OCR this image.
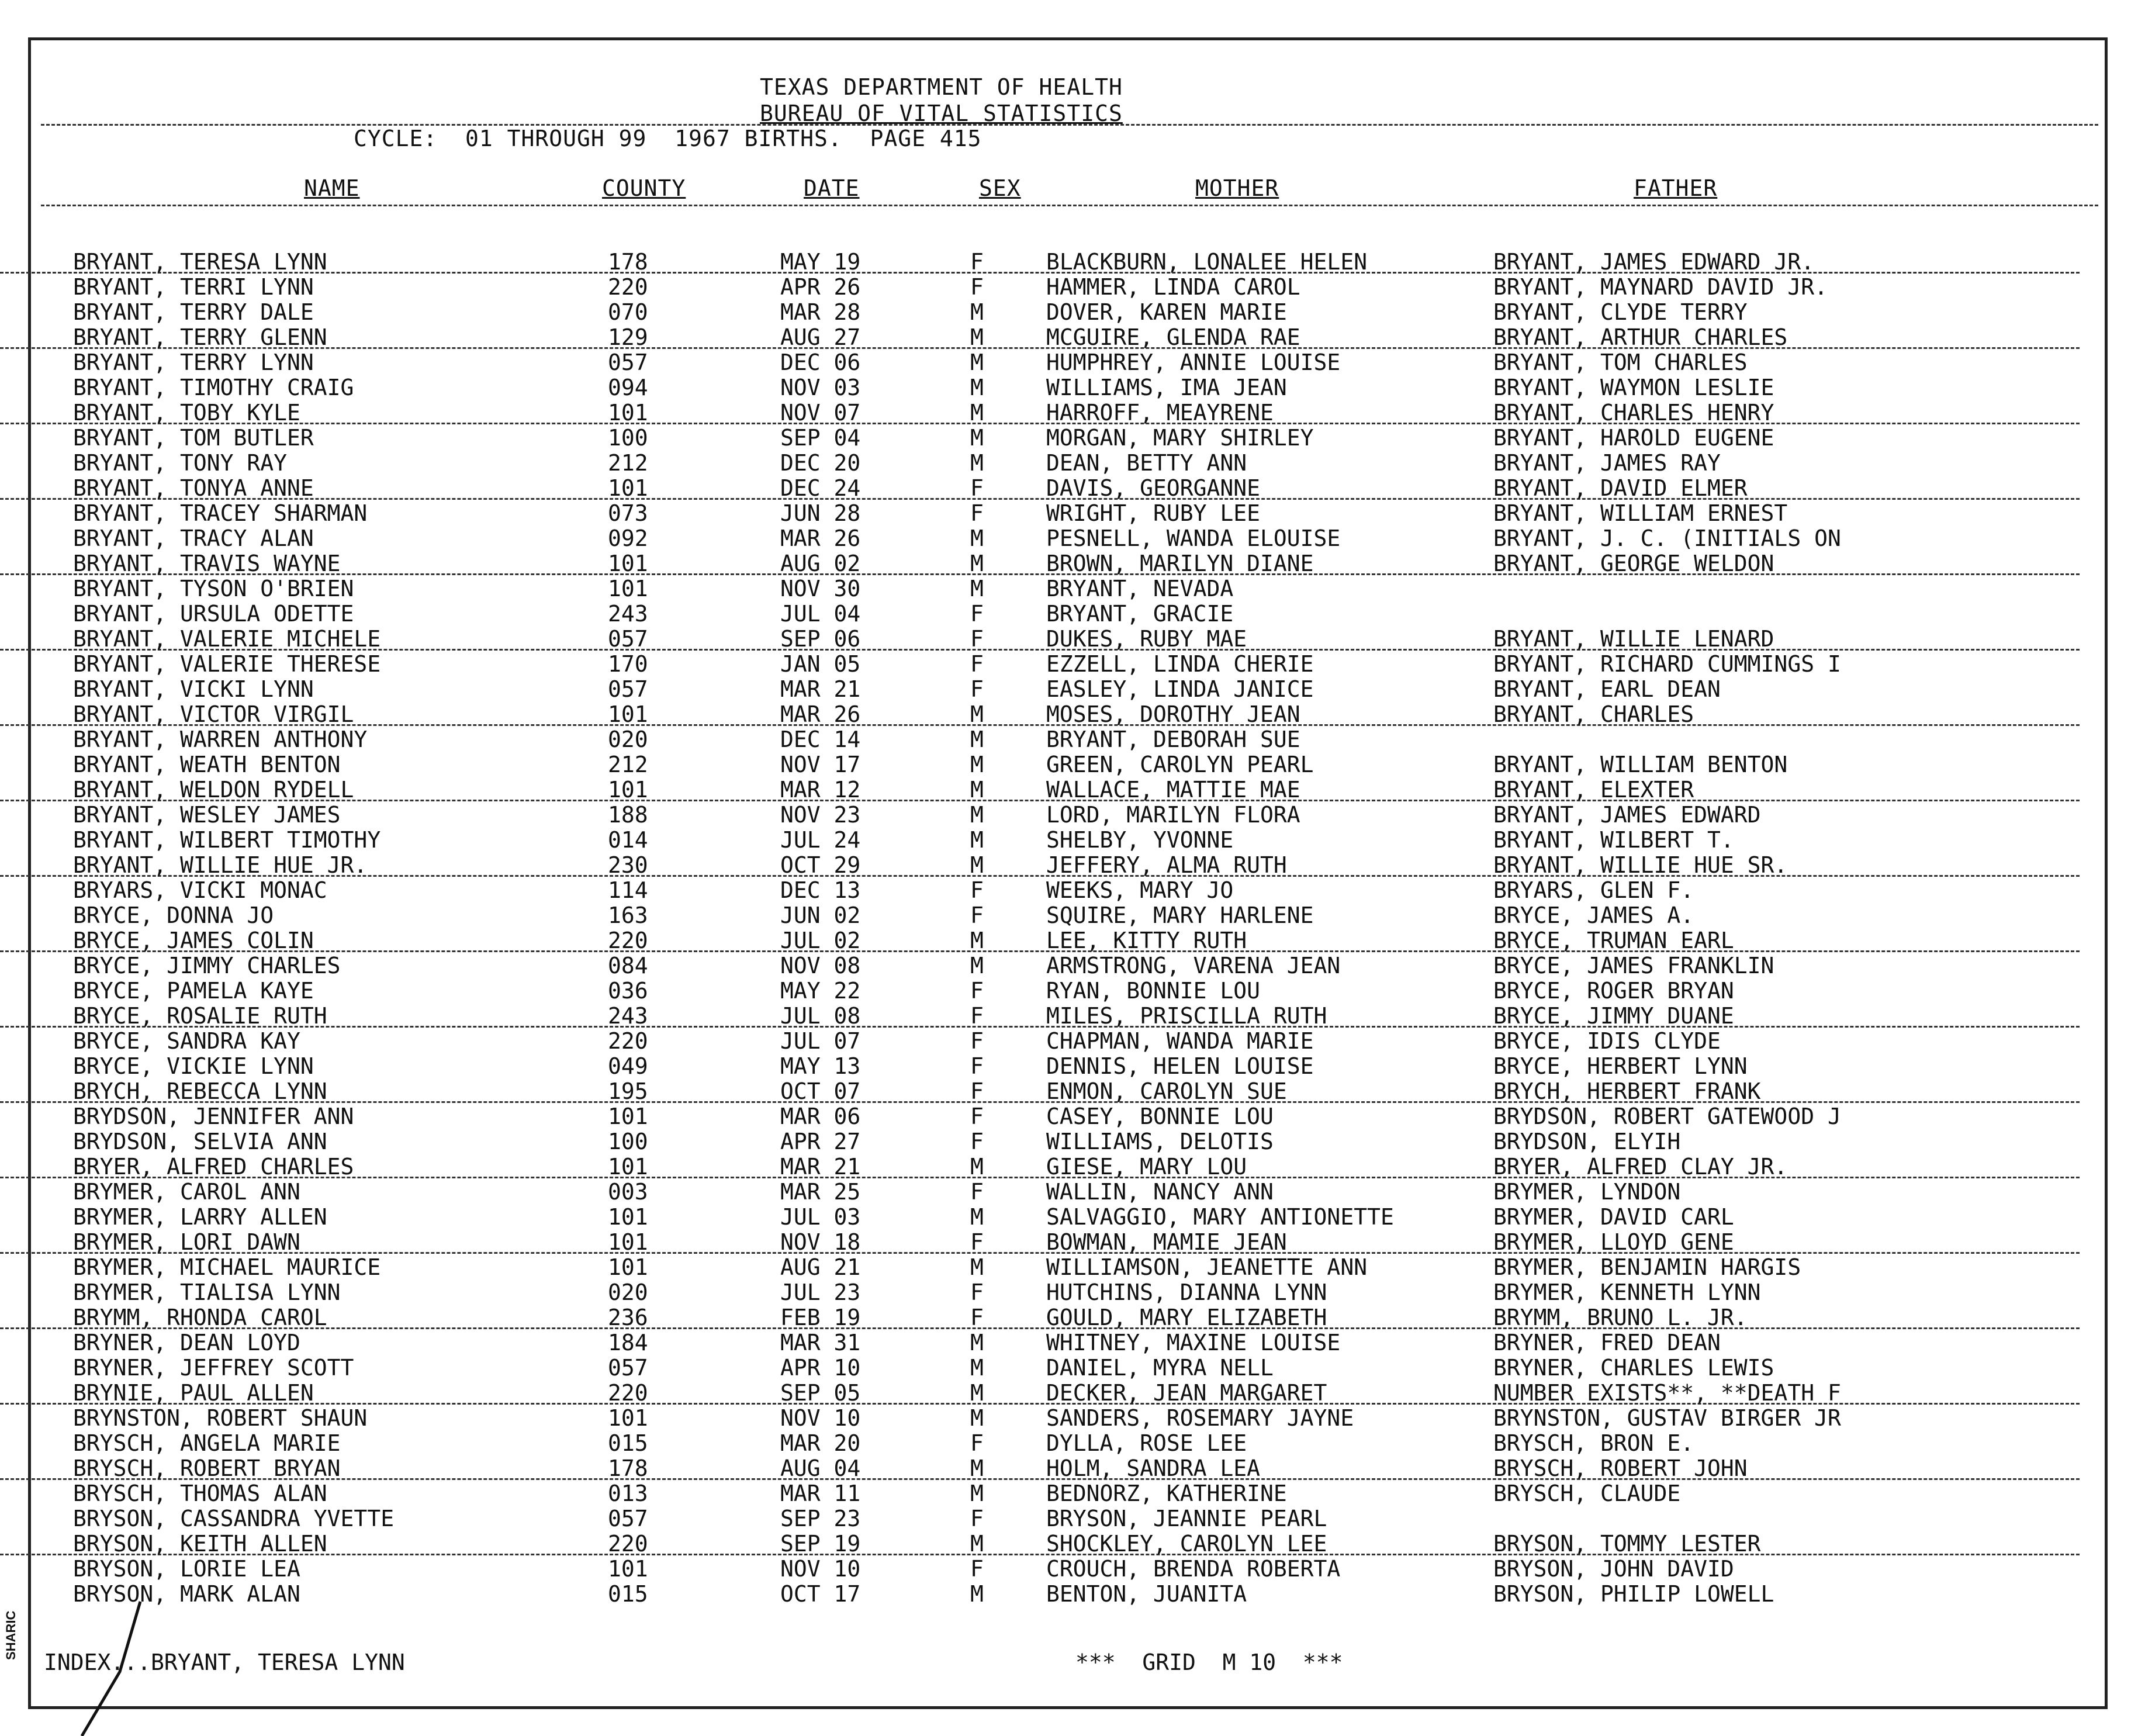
TEXAS DEPARTMENT OF HEALTH
BUREAU OF VITAL STATISTICS
CYCLE:  01 THROUGH 99  1967 BIRTHS.  PAGE 415
NAME	COUNTY	DATE	SEX	MOTHER	FATHER
BRYANT, TERESA LYNN	178	MAY 19	F	BLACKBURN, LONALEE HELEN	BRYANT, JAMES EDWARD JR.
BRYANT, TERRI LYNN	220	APR 26	F	HAMMER, LINDA CAROL	BRYANT, MAYNARD DAVID JR.
BRYANT, TERRY DALE	070	MAR 28	M	DOVER, KAREN MARIE	BRYANT, CLYDE TERRY
BRYANT, TERRY GLENN	129	AUG 27	M	MCGUIRE, GLENDA RAE	BRYANT, ARTHUR CHARLES
BRYANT, TERRY LYNN	057	DEC 06	M	HUMPHREY, ANNIE LOUISE	BRYANT, TOM CHARLES
BRYANT, TIMOTHY CRAIG	094	NOV 03	M	WILLIAMS, IMA JEAN	BRYANT, WAYMON LESLIE
BRYANT, TOBY KYLE	101	NOV 07	M	HARROFF, MEAYRENE	BRYANT, CHARLES HENRY
BRYANT, TOM BUTLER	100	SEP 04	M	MORGAN, MARY SHIRLEY	BRYANT, HAROLD EUGENE
BRYANT, TONY RAY	212	DEC 20	M	DEAN, BETTY ANN	BRYANT, JAMES RAY
BRYANT, TONYA ANNE	101	DEC 24	F	DAVIS, GEORGANNE	BRYANT, DAVID ELMER
BRYANT, TRACEY SHARMAN	073	JUN 28	F	WRIGHT, RUBY LEE	BRYANT, WILLIAM ERNEST
BRYANT, TRACY ALAN	092	MAR 26	M	PESNELL, WANDA ELOUISE	BRYANT, J. C. (INITIALS ON
BRYANT, TRAVIS WAYNE	101	AUG 02	M	BROWN, MARILYN DIANE	BRYANT, GEORGE WELDON
BRYANT, TYSON O'BRIEN	101	NOV 30	M	BRYANT, NEVADA
BRYANT, URSULA ODETTE	243	JUL 04	F	BRYANT, GRACIE
BRYANT, VALERIE MICHELE	057	SEP 06	F	DUKES, RUBY MAE	BRYANT, WILLIE LENARD
BRYANT, VALERIE THERESE	170	JAN 05	F	EZZELL, LINDA CHERIE	BRYANT, RICHARD CUMMINGS I
BRYANT, VICKI LYNN	057	MAR 21	F	EASLEY, LINDA JANICE	BRYANT, EARL DEAN
BRYANT, VICTOR VIRGIL	101	MAR 26	M	MOSES, DOROTHY JEAN	BRYANT, CHARLES
BRYANT, WARREN ANTHONY	020	DEC 14	M	BRYANT, DEBORAH SUE
BRYANT, WEATH BENTON	212	NOV 17	M	GREEN, CAROLYN PEARL	BRYANT, WILLIAM BENTON
BRYANT, WELDON RYDELL	101	MAR 12	M	WALLACE, MATTIE MAE	BRYANT, ELEXTER
BRYANT, WESLEY JAMES	188	NOV 23	M	LORD, MARILYN FLORA	BRYANT, JAMES EDWARD
BRYANT, WILBERT TIMOTHY	014	JUL 24	M	SHELBY, YVONNE	BRYANT, WILBERT T.
BRYANT, WILLIE HUE JR.	230	OCT 29	M	JEFFERY, ALMA RUTH	BRYANT, WILLIE HUE SR.
BRYARS, VICKI MONAC	114	DEC 13	F	WEEKS, MARY JO	BRYARS, GLEN F.
BRYCE, DONNA JO	163	JUN 02	F	SQUIRE, MARY HARLENE	BRYCE, JAMES A.
BRYCE, JAMES COLIN	220	JUL 02	M	LEE, KITTY RUTH	BRYCE, TRUMAN EARL
BRYCE, JIMMY CHARLES	084	NOV 08	M	ARMSTRONG, VARENA JEAN	BRYCE, JAMES FRANKLIN
BRYCE, PAMELA KAYE	036	MAY 22	F	RYAN, BONNIE LOU	BRYCE, ROGER BRYAN
BRYCE, ROSALIE RUTH	243	JUL 08	F	MILES, PRISCILLA RUTH	BRYCE, JIMMY DUANE
BRYCE, SANDRA KAY	220	JUL 07	F	CHAPMAN, WANDA MARIE	BRYCE, IDIS CLYDE
BRYCE, VICKIE LYNN	049	MAY 13	F	DENNIS, HELEN LOUISE	BRYCE, HERBERT LYNN
BRYCH, REBECCA LYNN	195	OCT 07	F	ENMON, CAROLYN SUE	BRYCH, HERBERT FRANK
BRYDSON, JENNIFER ANN	101	MAR 06	F	CASEY, BONNIE LOU	BRYDSON, ROBERT GATEWOOD J
BRYDSON, SELVIA ANN	100	APR 27	F	WILLIAMS, DELOTIS	BRYDSON, ELYIH
BRYER, ALFRED CHARLES	101	MAR 21	M	GIESE, MARY LOU	BRYER, ALFRED CLAY JR.
BRYMER, CAROL ANN	003	MAR 25	F	WALLIN, NANCY ANN	BRYMER, LYNDON
BRYMER, LARRY ALLEN	101	JUL 03	M	SALVAGGIO, MARY ANTIONETTE	BRYMER, DAVID CARL
BRYMER, LORI DAWN	101	NOV 18	F	BOWMAN, MAMIE JEAN	BRYMER, LLOYD GENE
BRYMER, MICHAEL MAURICE	101	AUG 21	M	WILLIAMSON, JEANETTE ANN	BRYMER, BENJAMIN HARGIS
BRYMER, TIALISA LYNN	020	JUL 23	F	HUTCHINS, DIANNA LYNN	BRYMER, KENNETH LYNN
BRYMM, RHONDA CAROL	236	FEB 19	F	GOULD, MARY ELIZABETH	BRYMM, BRUNO L. JR.
BRYNER, DEAN LOYD	184	MAR 31	M	WHITNEY, MAXINE LOUISE	BRYNER, FRED DEAN
BRYNER, JEFFREY SCOTT	057	APR 10	M	DANIEL, MYRA NELL	BRYNER, CHARLES LEWIS
BRYNIE, PAUL ALLEN	220	SEP 05	M	DECKER, JEAN MARGARET	NUMBER EXISTS**, **DEATH F
BRYNSTON, ROBERT SHAUN	101	NOV 10	M	SANDERS, ROSEMARY JAYNE	BRYNSTON, GUSTAV BIRGER JR
BRYSCH, ANGELA MARIE	015	MAR 20	F	DYLLA, ROSE LEE	BRYSCH, BRON E.
BRYSCH, ROBERT BRYAN	178	AUG 04	M	HOLM, SANDRA LEA	BRYSCH, ROBERT JOHN
BRYSCH, THOMAS ALAN	013	MAR 11	M	BEDNORZ, KATHERINE	BRYSCH, CLAUDE
BRYSON, CASSANDRA YVETTE	057	SEP 23	F	BRYSON, JEANNIE PEARL
BRYSON, KEITH ALLEN	220	SEP 19	M	SHOCKLEY, CAROLYN LEE	BRYSON, TOMMY LESTER
BRYSON, LORIE LEA	101	NOV 10	F	CROUCH, BRENDA ROBERTA	BRYSON, JOHN DAVID
BRYSON, MARK ALAN	015	OCT 17	M	BENTON, JUANITA	BRYSON, PHILIP LOWELL
INDEX...BRYANT, TERESA LYNN	***  GRID  M 10  ***
SHARIC
